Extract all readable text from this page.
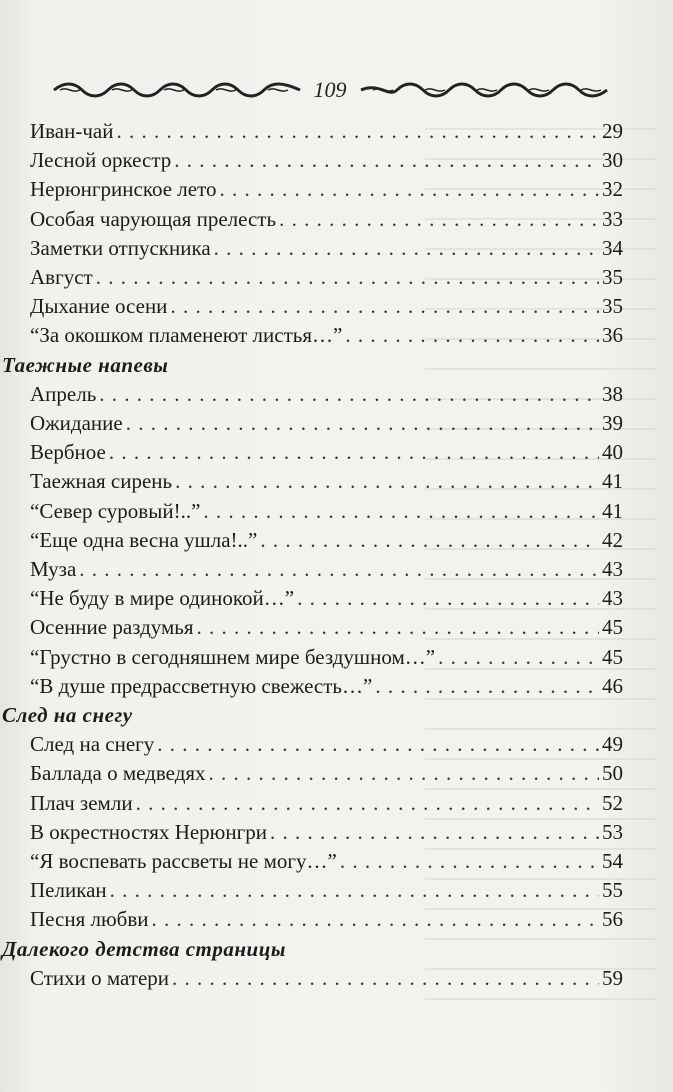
109
Иван-чай . . .	29
Лесной оркестр . . .	30
Нерюнгринское лето . . .	32
Особая чарующая прелесть . . .	33
Заметки отпускника . . .	34
Август . . .	35
Дыхание осени . . .	35
“За окошком пламенеют листья…” . . .	36
Таежные напевы
Апрель . . .	38
Ожидание . . .	39
Вербное . . .	40
Таежная сирень . . .	41
“Север суровый!..” . . .	41
“Еще одна весна ушла!..” . . .	42
Муза . . .	43
“Не буду в мире одинокой…” . . .	43
Осенние раздумья . . .	45
“Грустно в сегодняшнем мире бездушном…” . . .	45
“В душе предрассветную свежесть…” . . .	46
След на снегу
След на снегу . . .	49
Баллада о медведях . . .	50
Плач земли . . .	52
В окрестностях Нерюнгри . . .	53
“Я воспевать рассветы не могу…” . . .	54
Пеликан . . .	55
Песня любви . . .	56
Далекого детства страницы
Стихи о матери . . .	59
